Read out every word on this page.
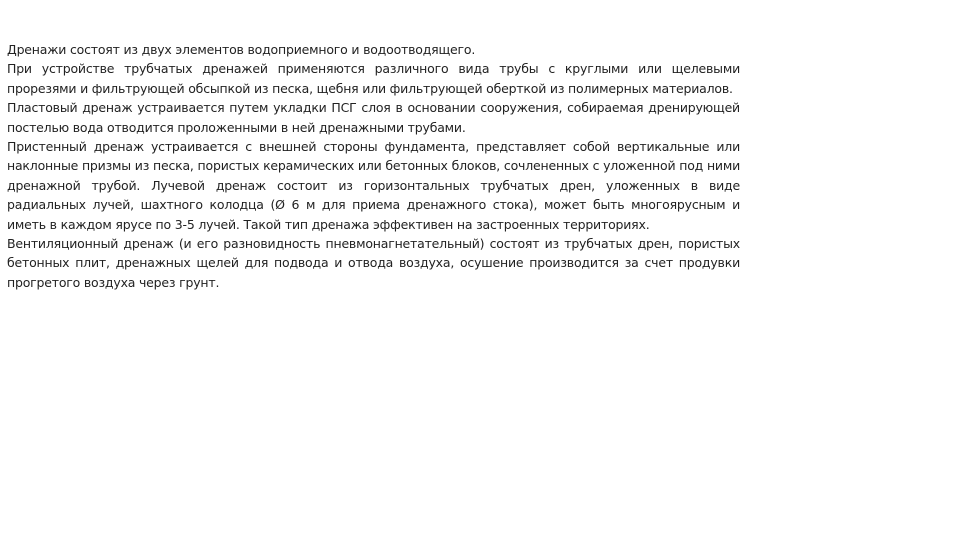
Дренажи состоят из двух элементов водоприемного и водоотводящего.

При устройстве трубчатых дренажей применяются различного вида трубы с круглыми или щелевыми прорезями и фильтрующей обсыпкой из песка, щебня или фильтрующей оберткой из полимерных материалов.

Пластовый дренаж устраивается путем укладки ПСГ слоя в основании сооружения, собираемая дренирующей постелью вода отводится проложенными в ней дренажными трубами.

Пристенный дренаж устраивается с внешней стороны фундамента, представляет собой вертикальные или наклонные призмы из песка, пористых керамических или бетонных блоков, сочлененных с уложенной под ними дренажной трубой. Лучевой дренаж состоит из горизонтальных трубчатых дрен, уложенных в виде радиальных лучей, шахтного колодца (Ø 6 м для приема дренажного стока), может быть многоярусным и иметь в каждом ярусе по 3-5 лучей. Такой тип дренажа эффективен на застроенных территориях.

Вентиляционный дренаж (и его разновидность пневмонагнетательный) состоят из трубчатых дрен, пористых бетонных плит, дренажных щелей для подвода и отвода воздуха, осушение производится за счет продувки прогретого воздуха через грунт.
